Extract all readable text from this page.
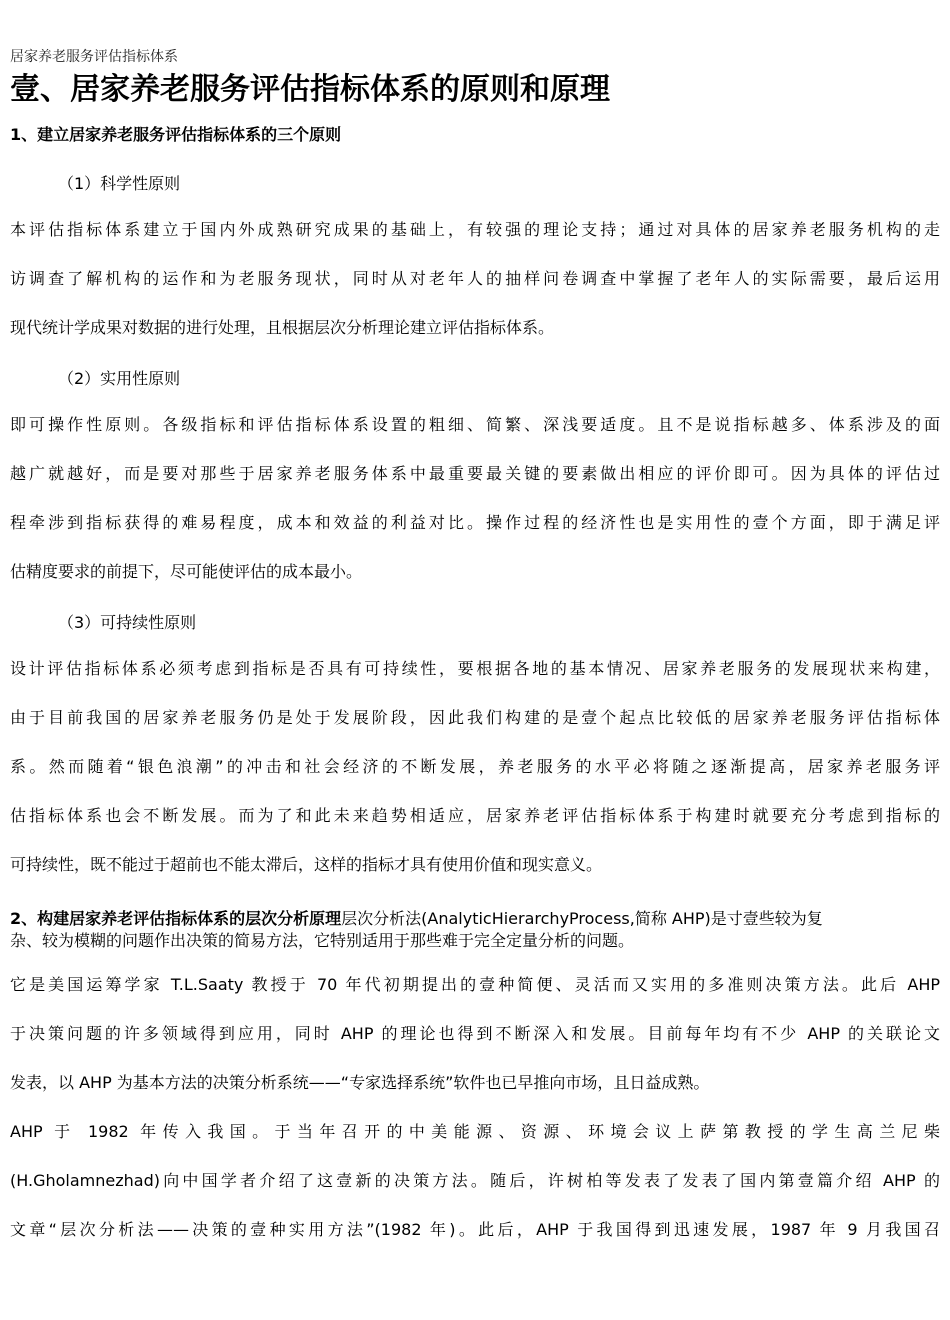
居家养老服务评估指标体系
壹、居家养老服务评估指标体系的原则和原理
1、建立居家养老服务评估指标体系的三个原则
（1）科学性原则
本评估指标体系建立于国内外成熟研究成果的基础上，有较强的理论支持；通过对具体的居家养老服务机构的走
访调查了解机构的运作和为老服务现状，同时从对老年人的抽样问卷调查中掌握了老年人的实际需要，最后运用
现代统计学成果对数据的进行处理，且根据层次分析理论建立评估指标体系。
（2）实用性原则
即可操作性原则。各级指标和评估指标体系设置的粗细、简繁、深浅要适度。且不是说指标越多、体系涉及的面
越广就越好，而是要对那些于居家养老服务体系中最重要最关键的要素做出相应的评价即可。因为具体的评估过
程牵涉到指标获得的难易程度，成本和效益的利益对比。操作过程的经济性也是实用性的壹个方面，即于满足评
估精度要求的前提下，尽可能使评估的成本最小。
（3）可持续性原则
设计评估指标体系必须考虑到指标是否具有可持续性，要根据各地的基本情况、居家养老服务的发展现状来构建，
由于目前我国的居家养老服务仍是处于发展阶段，因此我们构建的是壹个起点比较低的居家养老服务评估指标体
系。然而随着“银色浪潮”的冲击和社会经济的不断发展，养老服务的水平必将随之逐渐提高，居家养老服务评
估指标体系也会不断发展。而为了和此未来趋势相适应，居家养老评估指标体系于构建时就要充分考虑到指标的
可持续性，既不能过于超前也不能太滞后，这样的指标才具有使用价值和现实意义。
2、构建居家养老评估指标体系的层次分析原理层次分析法(AnalyticHierarchyProcess,简称 AHP)是寸壹些较为复
杂、较为模糊的问题作出决策的简易方法，它特别适用于那些难于完全定量分析的问题。
它是美国运筹学家 T.L.Saaty 教授于 70 年代初期提出的壹种简便、灵活而又实用的多准则决策方法。此后 AHP
于决策问题的许多领域得到应用，同时 AHP 的理论也得到不断深入和发展。目前每年均有不少 AHP 的关联论文
发表，以 AHP 为基本方法的决策分析系统——“专家选择系统”软件也已早推向市场，且日益成熟。
AHP 于 1982 年传入我国。于当年召开的中美能源、资源、环境会议上萨第教授的学生高兰尼柴
(H.Gholamnezhad)向中国学者介绍了这壹新的决策方法。随后，许树柏等发表了发表了国内第壹篇介绍 AHP 的
文章“层次分析法——决策的壹种实用方法”(1982 年)。此后，AHP 于我国得到迅速发展，1987 年 9 月我国召
